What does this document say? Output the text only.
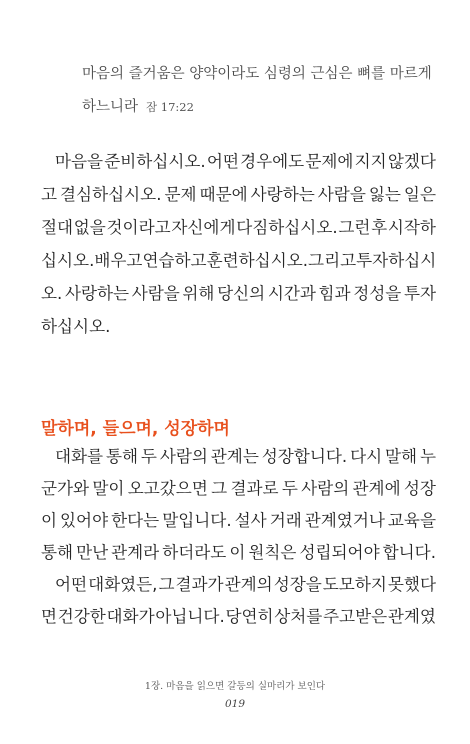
마음의 즐거움은 양약이라도 심령의 근심은 뼈를 마르게
하느니라 잠 17:22
마음을 준비하십시오. 어떤 경우에도 문제에 지지 않겠다
고 결심하십시오. 문제 때문에 사랑하는 사람을 잃는 일은
절대 없을 것이라고 자신에게 다짐하십시오. 그런 후 시작하
십시오. 배우고 연습하고 훈련하십시오. 그리고 투자하십시
오. 사랑하는 사람을 위해 당신의 시간과 힘과 정성을 투자
하십시오.
말하며, 들으며, 성장하며
대화를 통해 두 사람의 관계는 성장합니다. 다시 말해 누
군가와 말이 오고갔으면 그 결과로 두 사람의 관계에 성장
이 있어야 한다는 말입니다. 설사 거래 관계였거나 교육을
통해 만난 관계라 하더라도 이 원칙은 성립되어야 합니다.
어떤 대화였든, 그 결과가 관계의 성장을 도모하지 못했다
면 건강한 대화가 아닙니다. 당연히 상처를 주고받은 관계였
1장. 마음을 읽으면 갈등의 실마리가 보인다
019
